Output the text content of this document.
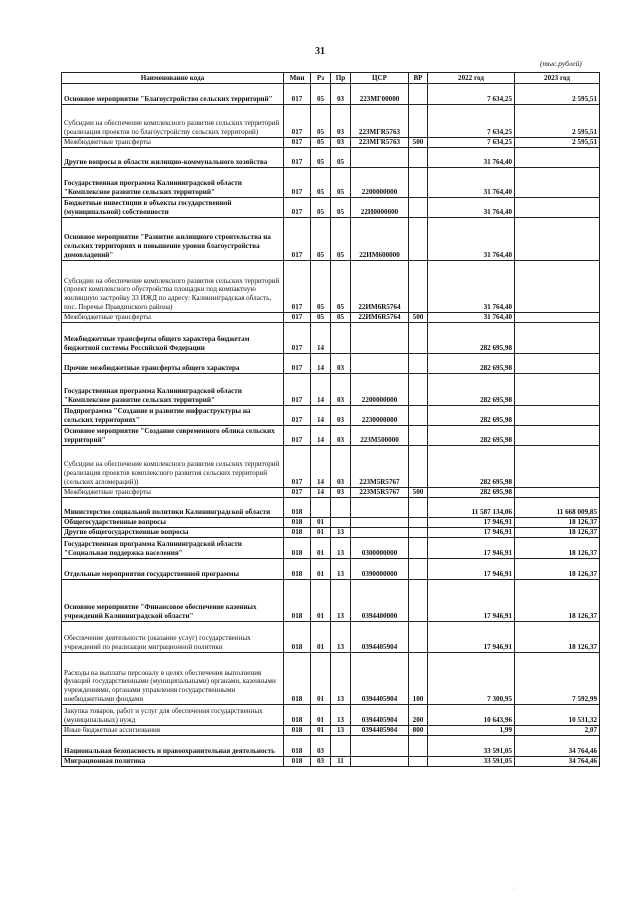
31
(тыс.рублей)
Наименование кода	Мин	Рз	Пр	ЦСР	ВР	2022 год	2023 год
Основное мероприятие "Благоустройство сельских территорий"	017	05	03	223МГ00000		7 634,25	2 595,51
Субсидии на обеспечение комплексного развития сельских территорий (реализация проектов по благоустройству сельских территорий)	017	05	03	223МГR5763		7 634,25	2 595,51
Межбюджетные трансферты	017	05	03	223МГR5763	500	7 634,25	2 595,51
Другие вопросы в области жилищно-коммунального хозяйства	017	05	05			31 764,40	
Государственная программа Калининградской области "Комплексное развитие сельских территорий"	017	05	05	2200000000		31 764,40	
Бюджетные инвестиции в объекты государственной (муниципальной) собственности	017	05	05	22И0000000		31 764,40	
Основное мероприятие "Развитие жилищного строительства на сельских территориях и повышение уровня благоустройства домовладений"	017	05	05	22ИМ600000		31 764,40	
Субсидии на обеспечение комплексного развития сельских территорий (проект комплексного обустройства площадки под компактную жилищную застройку 33 ИЖД по адресу: Калининградская область, пос. Поречье Правдинского района)	017	05	05	22ИМ6R5764		31 764,40	
Межбюджетные трансферты	017	05	05	22ИМ6R5764	500	31 764,40	
Межбюджетные трансферты общего характера бюджетам бюджетной системы Российской Федерации	017	14				282 695,98	
Прочие межбюджетные трансферты общего характера	017	14	03			282 695,98	
Государственная программа Калининградской области "Комплексное развитие сельских территорий"	017	14	03	2200000000		282 695,98	
Подпрограмма "Создание и развитие инфраструктуры на сельских территориях"	017	14	03	2230000000		282 695,98	
Основное мероприятие "Создание современного облика сельских территорий"	017	14	03	223М500000		282 695,98	
Субсидии на обеспечение комплексного развития сельских территорий (реализация проектов комплексного развития сельских территорий (сельских агломераций))	017	14	03	223М5R5767		282 695,98	
Межбюджетные трансферты	017	14	03	223М5R5767	500	282 695,98	
Министерство социальной политики Калининградской области	018					11 587 134,06	11 668 009,85
Общегосударственные вопросы	018	01				17 946,91	18 126,37
Другие общегосударственные вопросы	018	01	13			17 946,91	18 126,37
Государственная программа Калининградской области "Социальная поддержка населения"	018	01	13	0300000000		17 946,91	18 126,37
Отдельные мероприятия государственной программы	018	01	13	0390000000		17 946,91	18 126,37
Основное мероприятие "Финансовое обеспечение казенных учреждений Калининградской области"	018	01	13	0394400000		17 946,91	18 126,37
Обеспечение деятельности (оказание услуг) государственных учреждений по реализации миграционной политики	018	01	13	0394405904		17 946,91	18 126,37
Расходы на выплаты персоналу в целях обеспечения выполнения функций государственными (муниципальными) органами, казенными учреждениями, органами управления государственными внебюджетными фондами	018	01	13	0394405904	100	7 300,95	7 592,99
Закупка товаров, работ и услуг для обеспечения государственных (муниципальных) нужд	018	01	13	0394405904	200	10 643,96	10 531,32
Иные бюджетные ассигнования	018	01	13	0394405904	800	1,99	2,07
Национальная безопасность и правоохранительная деятельность	018	03				33 591,05	34 764,46
Миграционная политика	018	03	11			33 591,05	34 764,46
·
